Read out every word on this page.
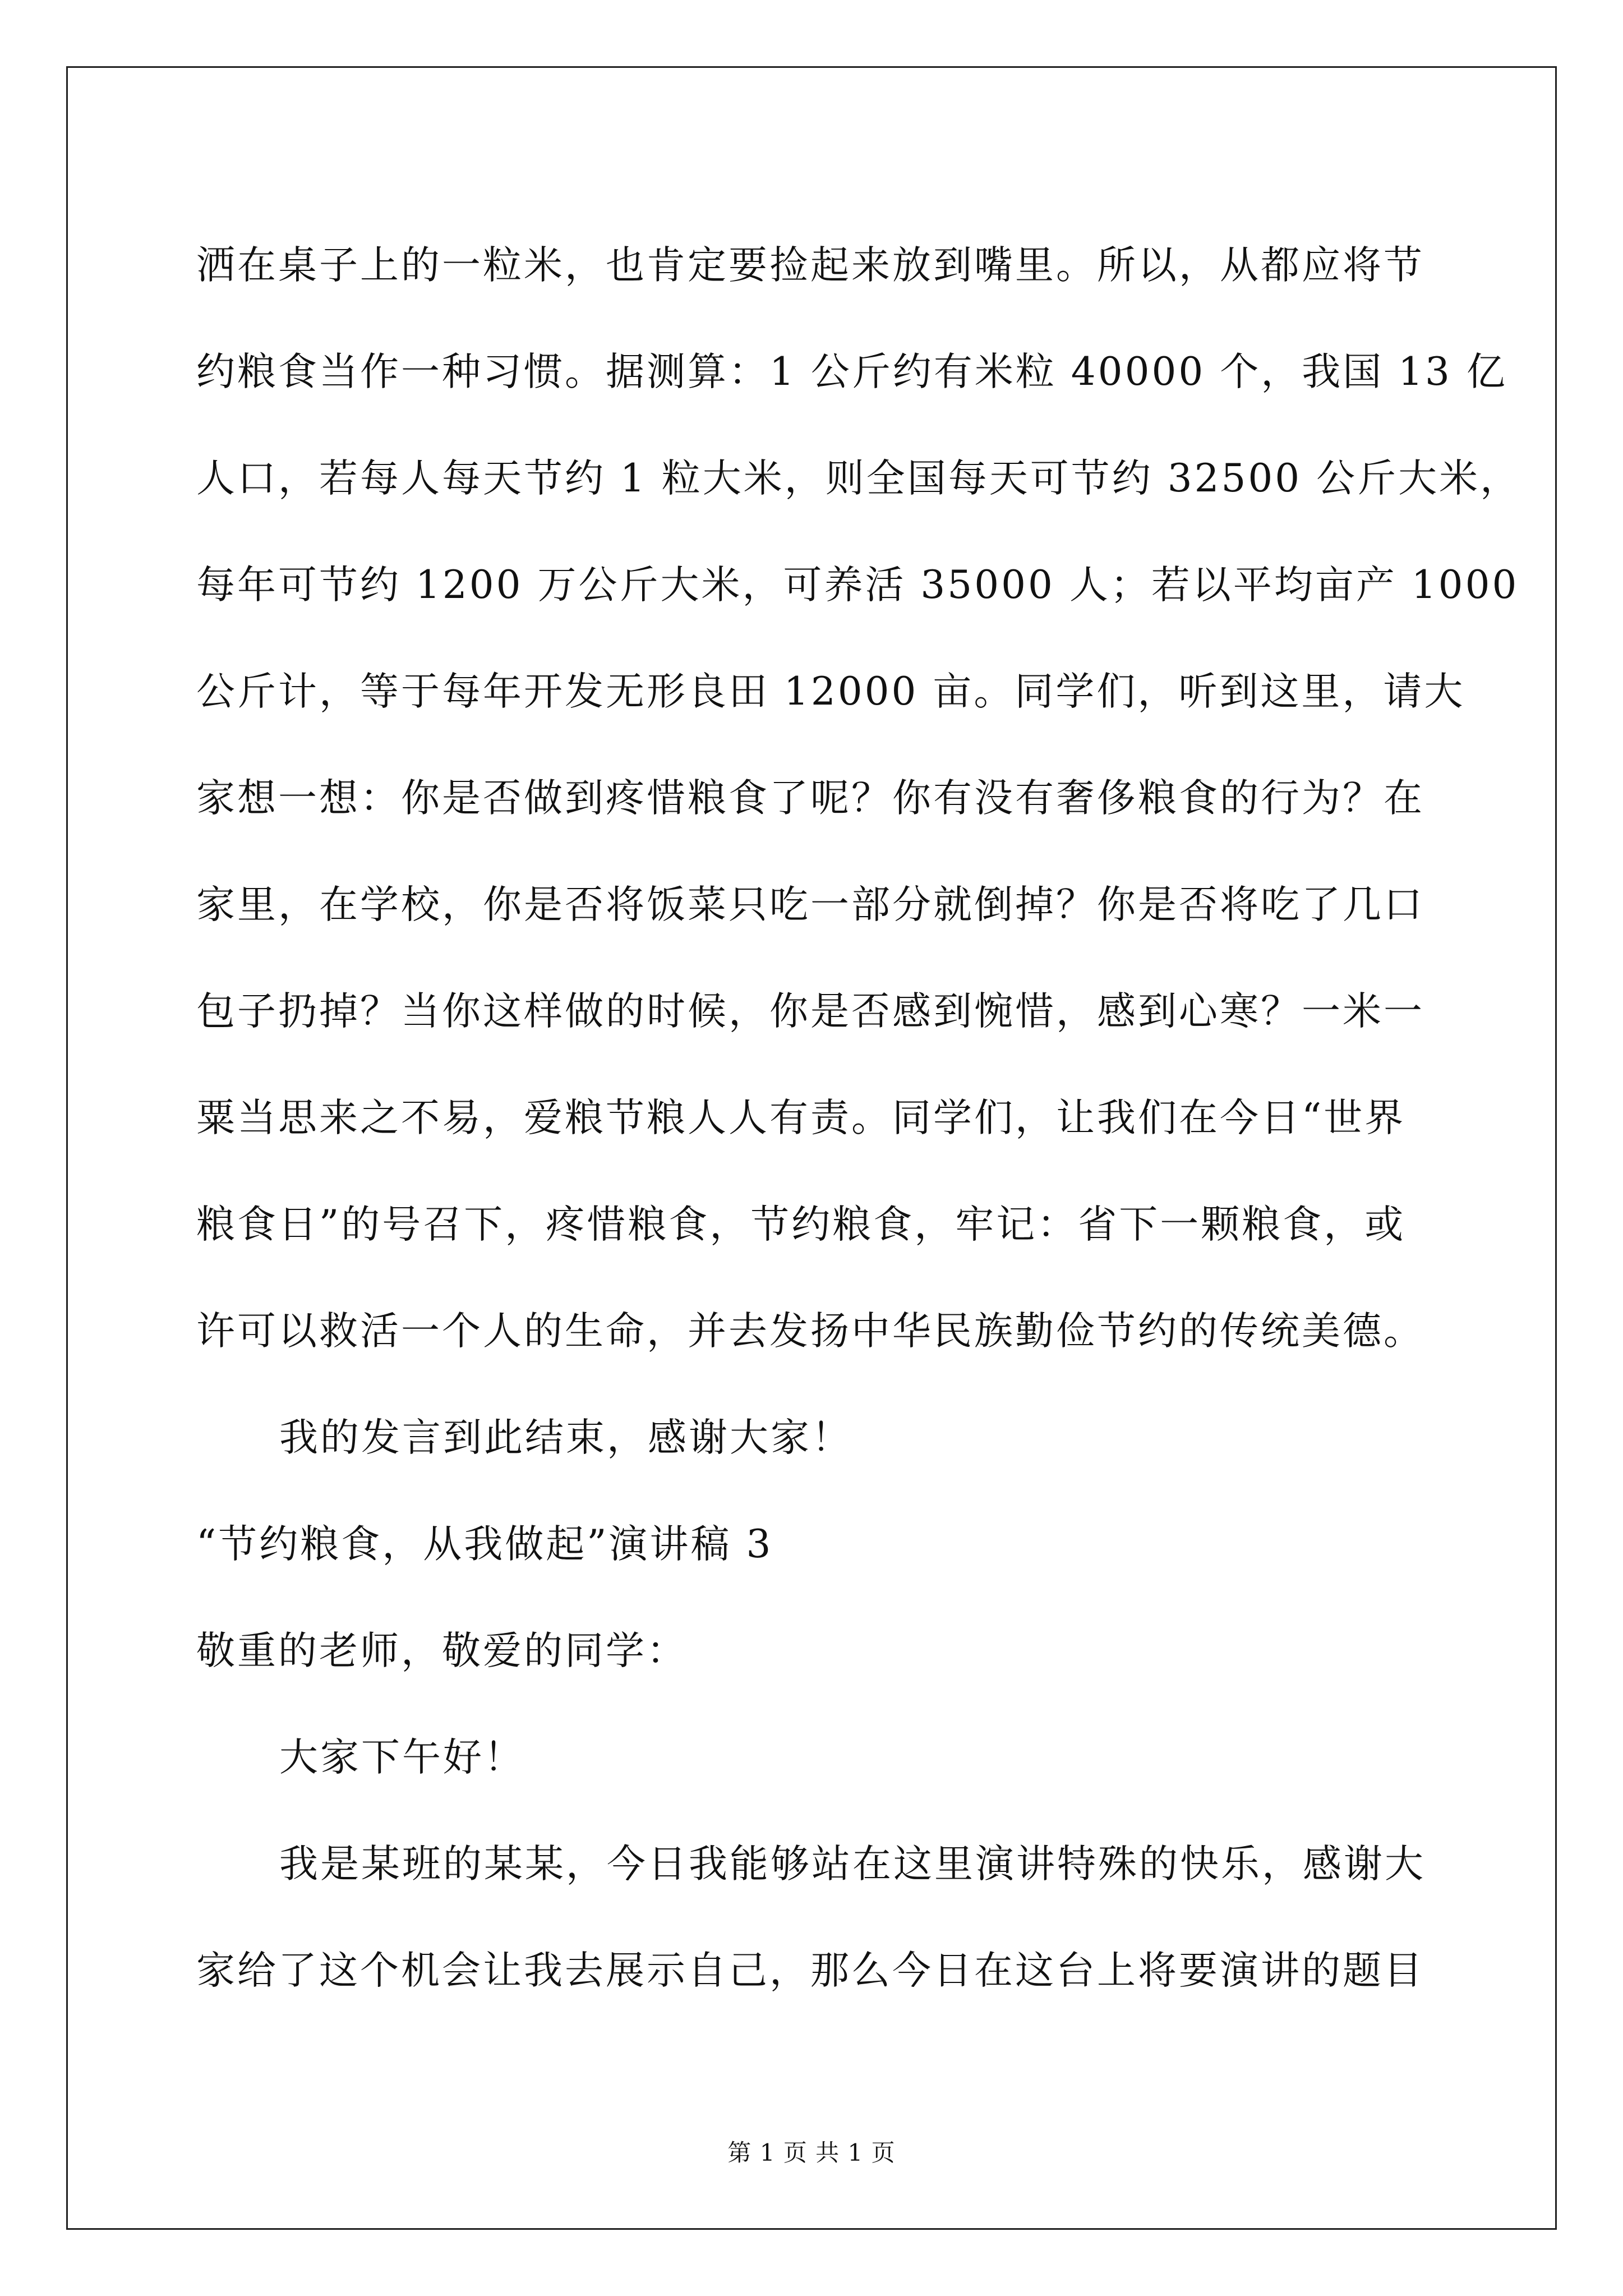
洒在桌子上的一粒米，也肯定要捡起来放到嘴里。所以，从都应将节
约粮食当作一种习惯。据测算：1 公斤约有米粒 40000 个，我国 13 亿
人口，若每人每天节约 1 粒大米，则全国每天可节约 32500 公斤大米，
每年可节约 1200 万公斤大米，可养活 35000 人；若以平均亩产 1000
公斤计，等于每年开发无形良田 12000 亩。同学们，听到这里，请大
家想一想：你是否做到疼惜粮食了呢？你有没有奢侈粮食的行为？在
家里，在学校，你是否将饭菜只吃一部分就倒掉？你是否将吃了几口
包子扔掉？当你这样做的时候，你是否感到惋惜，感到心寒？一米一
粟当思来之不易，爱粮节粮人人有责。同学们，让我们在今日“世界
粮食日”的号召下，疼惜粮食，节约粮食，牢记：省下一颗粮食，或
许可以救活一个人的生命，并去发扬中华民族勤俭节约的传统美德。
我的发言到此结束，感谢大家！
“节约粮食，从我做起”演讲稿 3
敬重的老师，敬爱的同学：
大家下午好！
我是某班的某某，今日我能够站在这里演讲特殊的快乐，感谢大
家给了这个机会让我去展示自己，那么今日在这台上将要演讲的题目
第 1 页 共 1 页
